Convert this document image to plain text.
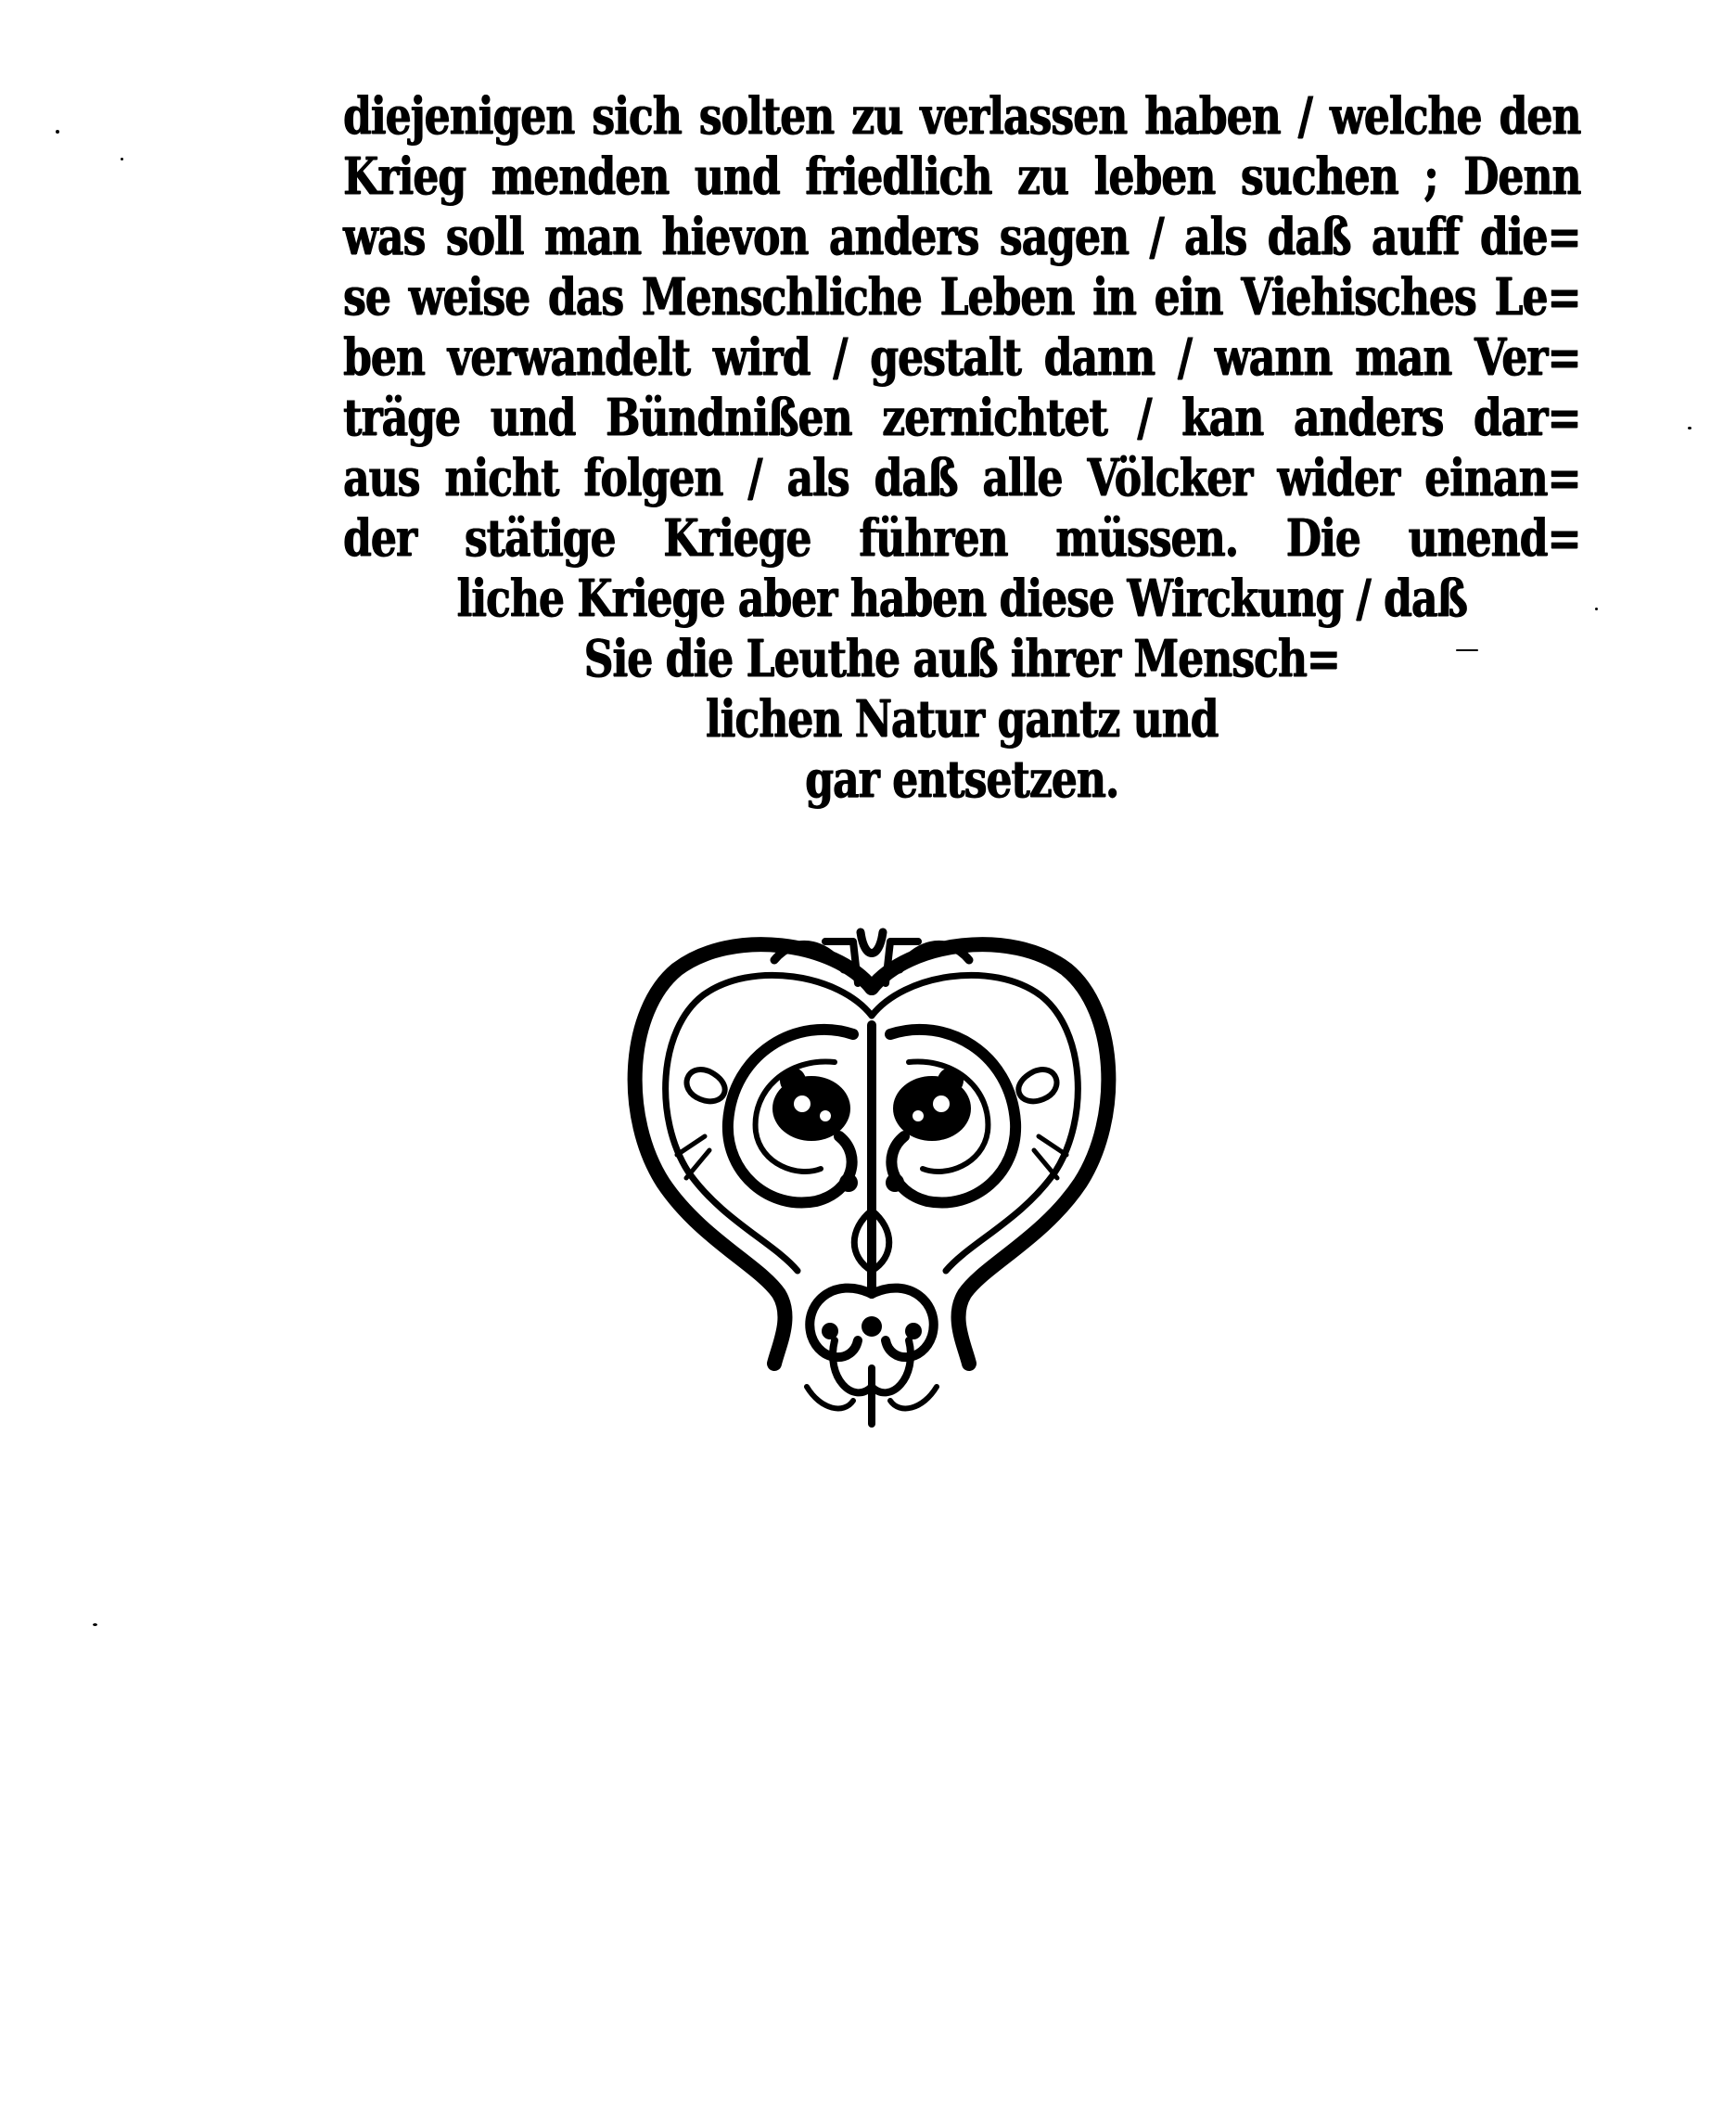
diejenigen sich solten zu verlassen haben / welche den
Krieg menden und friedlich zu leben suchen ; Denn
was soll man hievon anders sagen / als daß auff die=
se weise das Menschliche Leben in ein Viehisches Le=
ben verwandelt wird / gestalt dann / wann man Ver=
träge und Bündnißen zernichtet / kan anders dar=
aus nicht folgen / als daß alle Völcker wider einan=
der stätige Kriege führen müssen. Die unend=
liche Kriege aber haben diese Wirckung / daß
Sie die Leuthe auß ihrer Mensch=
lichen Natur gantz und
gar entsetzen.
